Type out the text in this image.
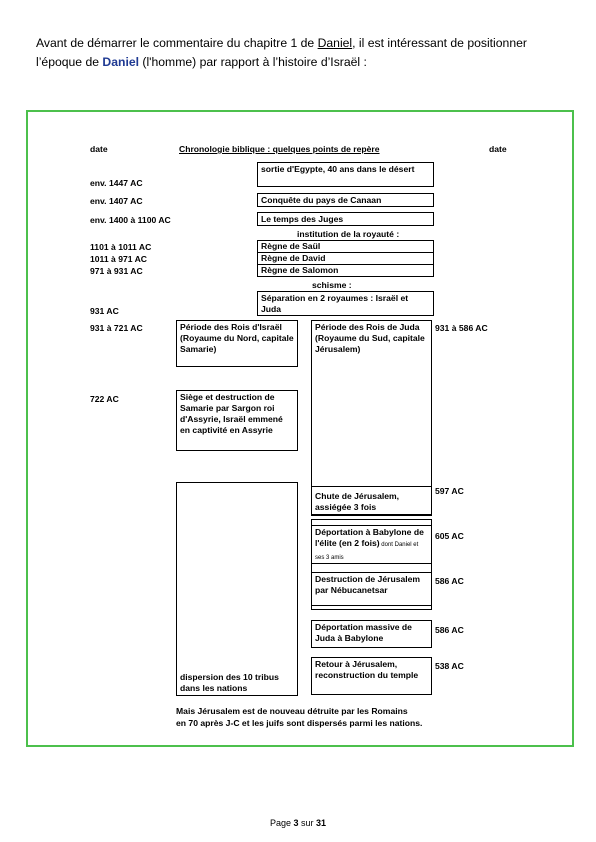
Avant de démarrer le commentaire du chapitre 1 de Daniel, il est intéressant de positionner
l’époque de Daniel (l'homme) par rapport à l’histoire d’Israël :
date	Chronologie biblique : quelques points de repère	date
env. 1447 AC
env. 1407 AC
env. 1400 à 1100 AC
1101 à 1011 AC
1011 à 971 AC
971 à 931 AC
931 AC
931 à 721 AC
722 AC
931 à 586 AC
597 AC
605 AC
586 AC
586 AC
538 AC
sortie d'Egypte, 40 ans dans le désert
Conquête du pays de Canaan
Le temps des Juges
institution de la royauté :
Règne de Saül
Règne de David
Règne de Salomon
schisme :
Séparation en 2 royaumes : Israël et Juda
Période des Rois d'Israël (Royaume du Nord, capitale Samarie)
Siège et destruction de Samarie par Sargon roi d'Assyrie, Israël emmené en captivité en Assyrie
dispersion des 10 tribus dans les nations
Période des Rois de Juda (Royaume du Sud, capitale Jérusalem)
Chute de Jérusalem, assiégée 3 fois
Déportation à Babylone de l'élite (en 2 fois) dont Daniel et ses 3 amis
Destruction de Jérusalem par Nébucanetsar
Déportation massive de Juda à Babylone
Retour à Jérusalem, reconstruction du temple
Mais Jérusalem est de nouveau détruite par les Romains
en 70 après J-C et les juifs sont dispersés parmi les nations.
Page 3 sur 31
